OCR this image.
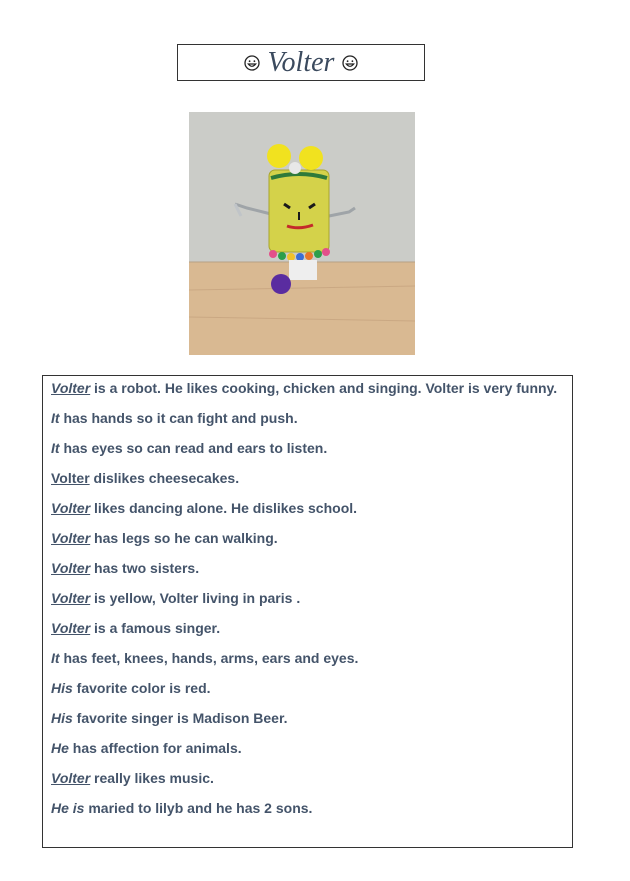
Volter

Volter is a robot. He likes cooking, chicken and singing. Volter is very funny.

It has hands so it can fight and push.

It has eyes so can read and ears to listen.

Volter dislikes cheesecakes.

Volter likes dancing alone. He dislikes school.

Volter has legs so he can walking.

Volter has two sisters.

Volter is yellow, Volter living in paris .

Volter is a famous singer.

It has feet, knees, hands, arms, ears and eyes.

His favorite color is red.

His favorite singer is Madison Beer.

He has affection for animals.

Volter really likes music.

He is maried to lilyb and he has 2 sons.
